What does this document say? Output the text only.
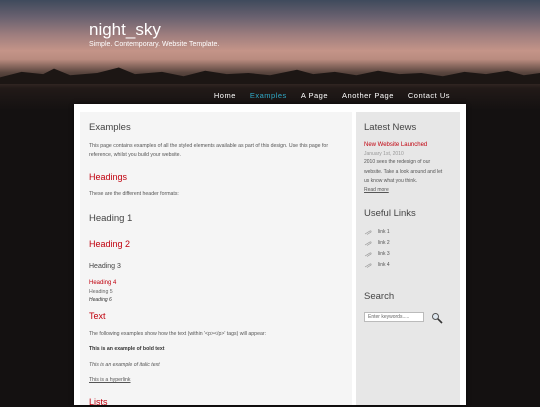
night_sky
Simple. Contemporary. Website Template.
Home Examples A Page Another Page Contact Us

Examples

This page contains examples of all the styled elements available as part of this design. Use this page for reference, whilst you build your website.

Headings

These are the different header formats:

Heading 1

Heading 2

Heading 3

Heading 4

Heading 5

Heading 6

Text

The following examples show how the text (within '<p></p>' tags) will appear:

This is an example of bold text

This is an example of italic text

This is a hyperlink

Lists

Latest News

New Website Launched

January 1st, 2010

2010 sees the redesign of our website. Take a look around and let us know what you think.

Read more

Useful Links

link 1
link 2
link 3
link 4

Search

Enter keywords.....
